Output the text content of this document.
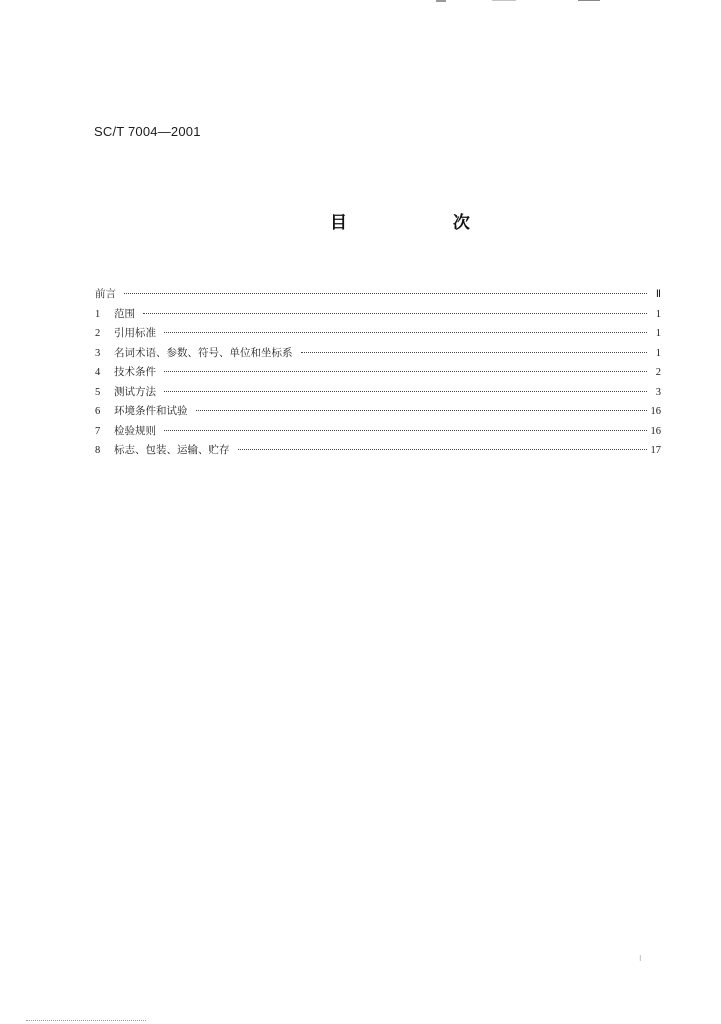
SC/T 7004—2001
目 次
前言	Ⅱ
1	范围	1
2	引用标准	1
3	名词术语、参数、符号、单位和坐标系	1
4	技术条件	2
5	测试方法	3
6	环境条件和试验	16
7	检验规则	16
8	标志、包装、运输、贮存	17
⁝
